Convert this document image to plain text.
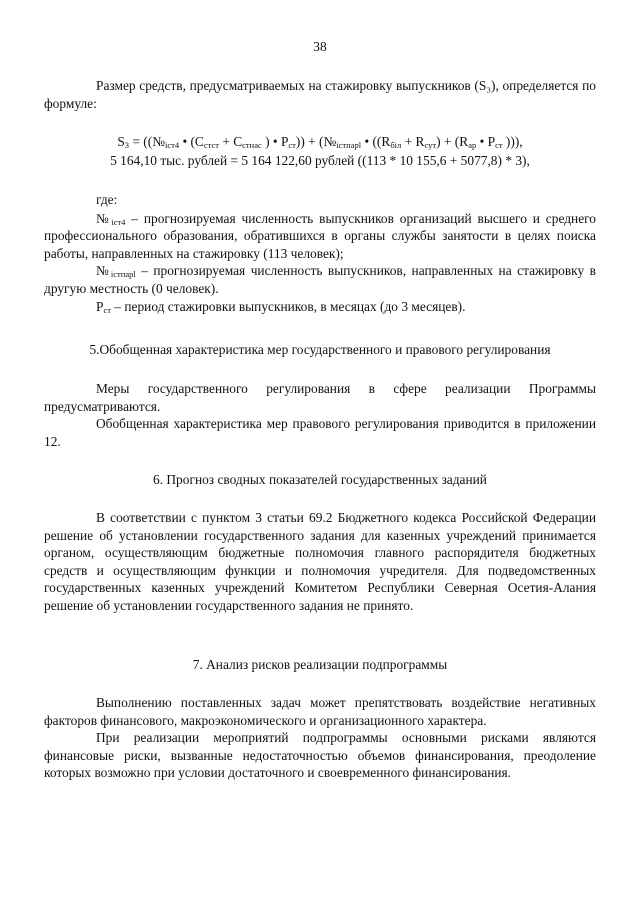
38

Размер средств, предусматриваемых на стажировку выпускников (S₃), определяется по формуле:

$S_3$ = (($№_{іст4}$ • ($С_{стст} + С_{стнас}$ ) • $Р_{ст}$)) + ($№_{істпарl}$ • ($(R_{біл} + R_{сут}) + (R_{ар}$ • $Р_{ст}$ ))),
5 164,10 тыс. рублей = 5 164 122,60 рублей ((113 * 10 155,6 + 5077,8) * 3),

где:

$№_{іст4}$ – прогнозируемая численность выпускников организаций высшего и среднего профессионального образования, обратившихся в органы службы занятости в целях поиска работы, направленных на стажировку (113 человек);

$№_{істпарl}$ – прогнозируемая численность выпускников, направленных на стажировку в другую местность (0 человек).

$Р_{ст}$ – период стажировки выпускников, в месяцах (до 3 месяцев).

5.Обобщенная характеристика мер государственного и правового регулирования

Меры государственного регулирования в сфере реализации Программы предусматриваются.

Обобщенная характеристика мер правового регулирования приводится в приложении 12.

6. Прогноз сводных показателей государственных заданий

В соответствии с пунктом 3 статьи 69.2 Бюджетного кодекса Российской Федерации решение об установлении государственного задания для казенных учреждений принимается органом, осуществляющим бюджетные полномочия главного распорядителя бюджетных средств и осуществляющим функции и полномочия учредителя. Для подведомственных государственных казенных учреждений Комитетом Республики Северная Осетия-Алания решение об установлении государственного задания не принято.

7. Анализ рисков реализации подпрограммы

Выполнению поставленных задач может препятствовать воздействие негативных факторов финансового, макроэкономического и организационного характера.

При реализации мероприятий подпрограммы основными рисками являются финансовые риски, вызванные недостаточностью объемов финансирования, преодоление которых возможно при условии достаточного и своевременного финансирования.
